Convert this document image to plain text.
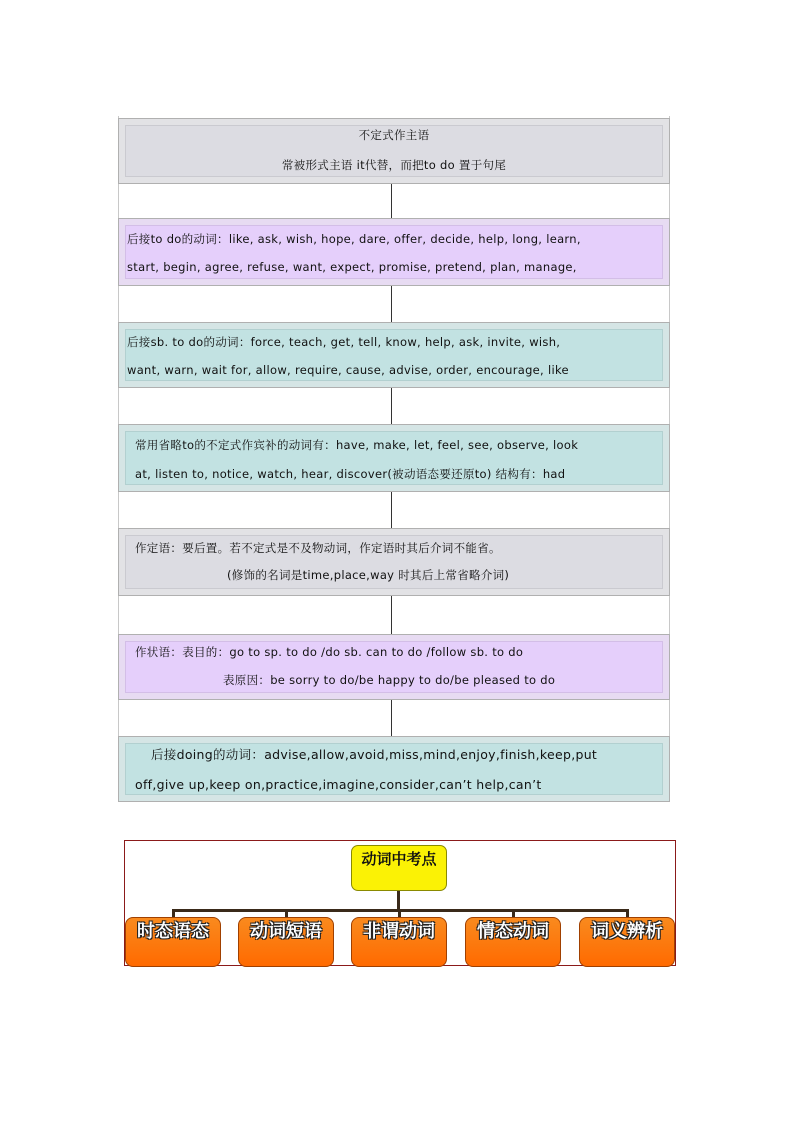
不定式作主语
常被形式主语 it代替，而把to do 置于句尾
后接to do的动词：like, ask, wish, hope, dare, offer, decide, help, long, learn,
start, begin, agree, refuse, want, expect, promise, pretend, plan, manage,
后接sb. to do的动词：force, teach, get, tell, know, help, ask, invite, wish,
want, warn, wait for, allow, require, cause, advise, order, encourage, like
常用省略to的不定式作宾补的动词有：have, make, let, feel, see, observe, look
at, listen to, notice, watch, hear, discover(被动语态要还原to) 结构有：had
作定语：要后置。若不定式是不及物动词，作定语时其后介词不能省。
(修饰的名词是time,place,way 时其后上常省略介词)
作状语：表目的：go to sp. to do /do sb. can to do /follow sb. to do
表原因：be sorry to do/be happy to do/be pleased to do
后接doing的动词：advise,allow,avoid,miss,mind,enjoy,finish,keep,put
off,give up,keep on,practice,imagine,consider,can’t help,can’t
动词中考点
时态语态	动词短语	非谓动词	情态动词	词义辨析
